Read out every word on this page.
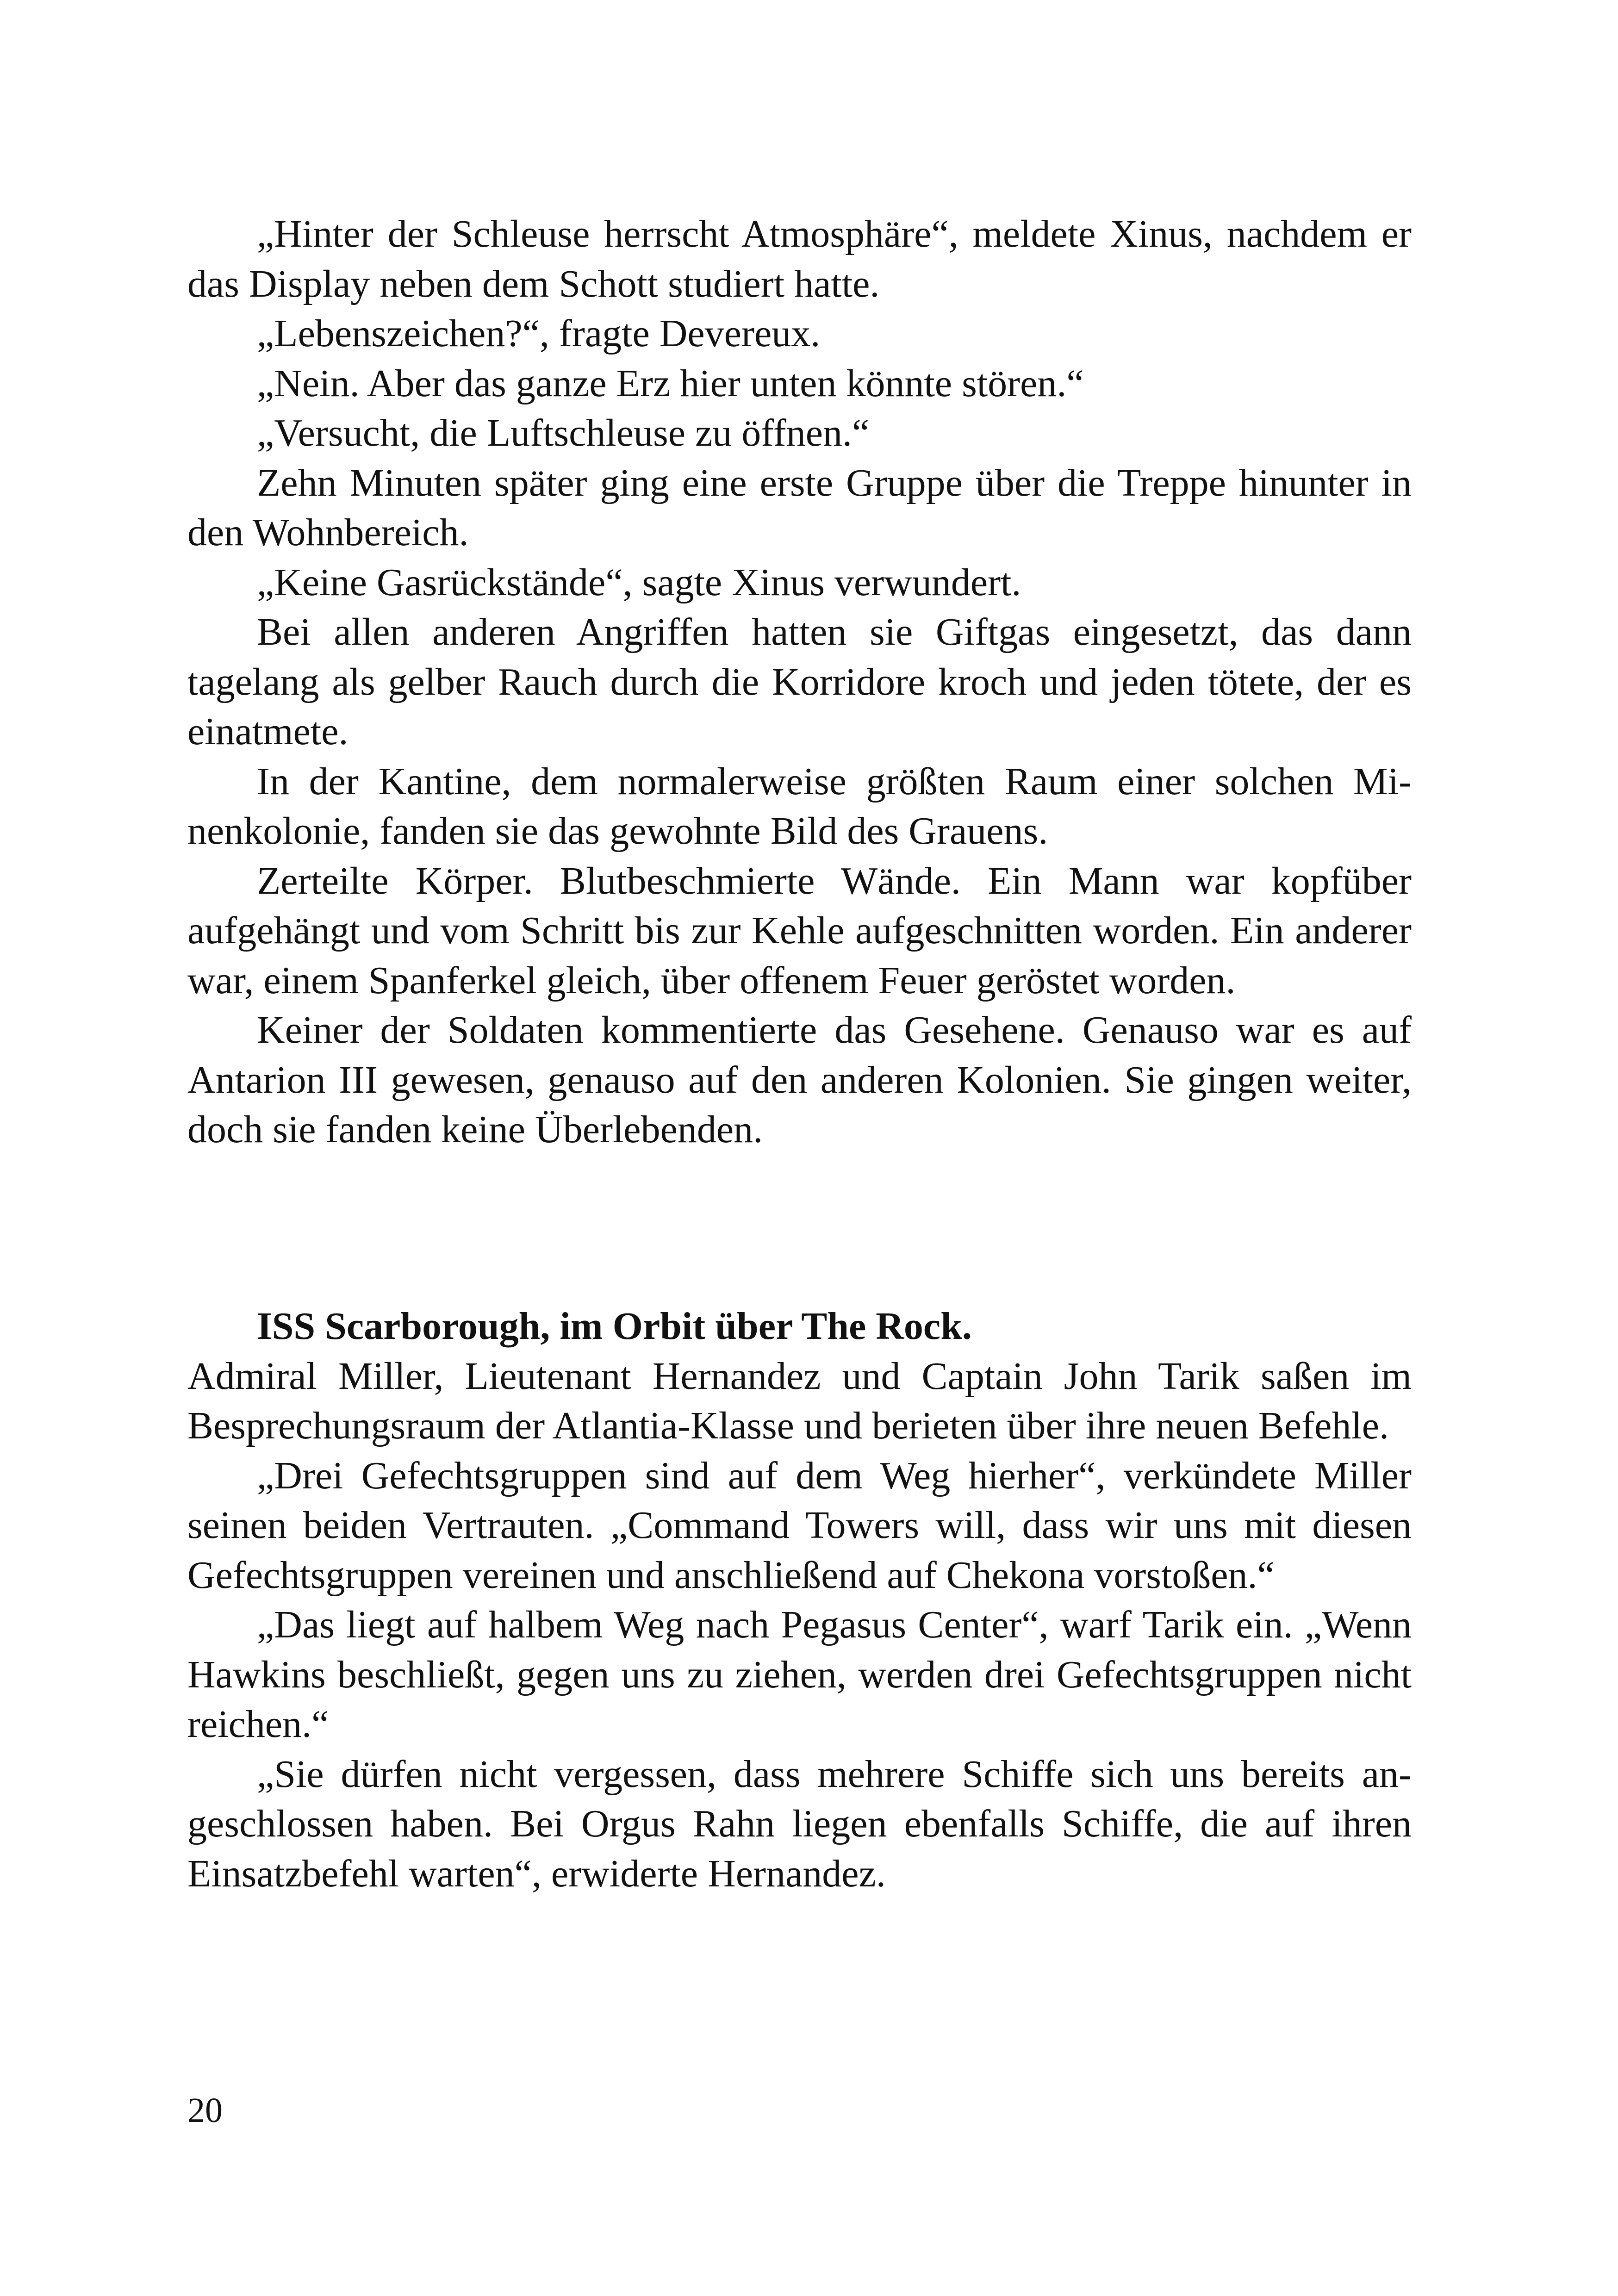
„Hinter der Schleuse herrscht Atmosphäre“, meldete Xinus, nachdem er das Display neben dem Schott studiert hatte.

„Lebenszeichen?“, fragte Devereux.

„Nein. Aber das ganze Erz hier unten könnte stören.“

„Versucht, die Luftschleuse zu öffnen.“

Zehn Minuten später ging eine erste Gruppe über die Treppe hinunter in den Wohnbereich.

„Keine Gasrückstände“, sagte Xinus verwundert.

Bei allen anderen Angriffen hatten sie Giftgas eingesetzt, das dann tagelang als gelber Rauch durch die Korridore kroch und jeden tötete, der es einatmete.

In der Kantine, dem normalerweise größten Raum einer solchen Minenkolonie, fanden sie das gewohnte Bild des Grauens.

Zerteilte Körper. Blutbeschmierte Wände. Ein Mann war kopfüber aufgehängt und vom Schritt bis zur Kehle aufgeschnitten worden. Ein anderer war, einem Spanferkel gleich, über offenem Feuer geröstet worden.

Keiner der Soldaten kommentierte das Gesehene. Genauso war es auf Antarion III gewesen, genauso auf den anderen Kolonien. Sie gingen weiter, doch sie fanden keine Überlebenden.

ISS Scarborough, im Orbit über The Rock.

Admiral Miller, Lieutenant Hernandez und Captain John Tarik saßen im Besprechungsraum der Atlantia-Klasse und berieten über ihre neuen Befehle.

„Drei Gefechtsgruppen sind auf dem Weg hierher“, verkündete Miller seinen beiden Vertrauten. „Command Towers will, dass wir uns mit diesen Gefechtsgruppen vereinen und anschließend auf Chekona vorstoßen.“

„Das liegt auf halbem Weg nach Pegasus Center“, warf Tarik ein. „Wenn Hawkins beschließt, gegen uns zu ziehen, werden drei Gefechtsgruppen nicht reichen.“

„Sie dürfen nicht vergessen, dass mehrere Schiffe sich uns bereits angeschlossen haben. Bei Orgus Rahn liegen ebenfalls Schiffe, die auf ihren Einsatzbefehl warten“, erwiderte Hernandez.

20
